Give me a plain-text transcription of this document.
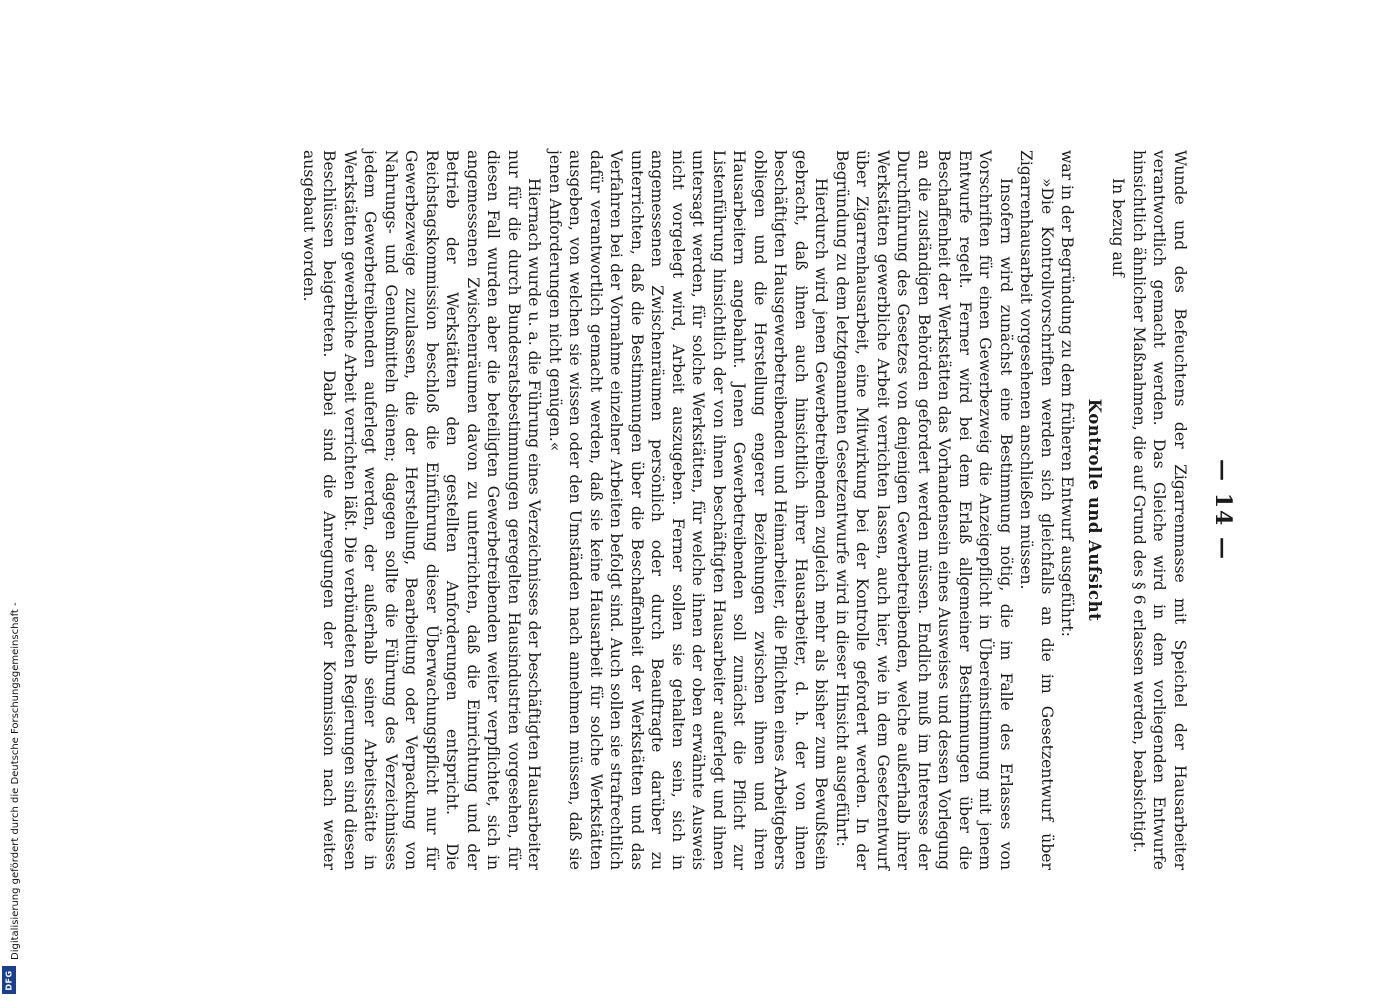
Digitalisierung gefördert durch die Deutsche Forschungsgemeinschaft -
DFG
— 14 —

Wunde und des Befeuchtens der Zigarrenmasse mit Speichel der Hausarbeiter verantwortlich gemacht werden. Das Gleiche wird in dem vorliegenden Entwurfe hinsichtlich ähnlicher Maßnahmen, die auf Grund des § 6 erlassen werden, beabsichtigt.

In bezug auf

Kontrolle und Aufsicht

war in der Begründung zu dem früheren Entwurf ausgeführt:

»Die Kontrollvorschriften werden sich gleichfalls an die im Gesetzentwurf über Zigarrenhausarbeit vorgesehenen anschließen müssen.

Insofern wird zunächst eine Bestimmung nötig, die im Falle des Erlasses von Vorschriften für einen Gewerbezweig die Anzeigepflicht in Übereinstimmung mit jenem Entwurfe regelt. Ferner wird bei dem Erlaß allgemeiner Bestimmungen über die Beschaffenheit der Werkstätten das Vorhandensein eines Ausweises und dessen Vorlegung an die zuständigen Behörden gefordert werden müssen. Endlich muß im Interesse der Durchführung des Gesetzes von denjenigen Gewerbetreibenden, welche außerhalb ihrer Werkstätten gewerbliche Arbeit verrichten lassen, auch hier, wie in dem Gesetzentwurf über Zigarrenhausarbeit, eine Mitwirkung bei der Kontrolle gefordert werden. In der Begründung zu dem letztgenannten Gesetzentwurfe wird in dieser Hinsicht ausgeführt:

Hierdurch wird jenen Gewerbetreibenden zugleich mehr als bisher zum Bewußtsein gebracht, daß ihnen auch hinsichtlich ihrer Hausarbeiter, d. h. der von ihnen beschäftigten Hausgewerbetreibenden und Heimarbeiter, die Pflichten eines Arbeitgebers obliegen und die Herstellung engerer Beziehungen zwischen ihnen und ihren Hausarbeitern angebahnt. Jenen Gewerbetreibenden soll zunächst die Pflicht zur Listenführung hinsichtlich der von ihnen beschäftigten Hausarbeiter auferlegt und ihnen untersagt werden, für solche Werkstätten, für welche ihnen der oben erwähnte Ausweis nicht vorgelegt wird, Arbeit auszugeben. Ferner sollen sie gehalten sein, sich in angemessenen Zwischenräumen persönlich oder durch Beauftragte darüber zu unterrichten, daß die Bestimmungen über die Beschaffenheit der Werkstätten und das Verfahren bei der Vornahme einzelner Arbeiten befolgt sind. Auch sollen sie strafrechtlich dafür verantwortlich gemacht werden, daß sie keine Hausarbeit für solche Werkstätten ausgeben, von welchen sie wissen oder den Umständen nach annehmen müssen, daß sie jenen Anforderungen nicht genügen.«

Hiernach wurde u. a. die Führung eines Verzeichnisses der beschäftigten Hausarbeiter nur für die durch Bundesratsbestimmungen geregelten Hausindustrien vorgesehen, für diesen Fall wurden aber die beteiligten Gewerbetreibenden weiter verpflichtet, sich in angemessenen Zwischenräumen davon zu unterrichten, daß die Einrichtung und der Betrieb der Werkstätten den gestellten Anforderungen entspricht. Die Reichstagskommission beschloß die Einführung dieser Überwachungspflicht nur für Gewerbezweige zuzulassen, die der Herstellung, Bearbeitung oder Verpackung von Nahrungs- und Genußmitteln dienen; dagegen sollte die Führung des Verzeichnisses jedem Gewerbetreibenden auferlegt werden, der außerhalb seiner Arbeitsstätte in Werkstätten gewerbliche Arbeit verrichten läßt. Die verbündeten Regierungen sind diesen Beschlüssen beigetreten. Dabei sind die Anregungen der Kommission nach weiter ausgebaut worden.
